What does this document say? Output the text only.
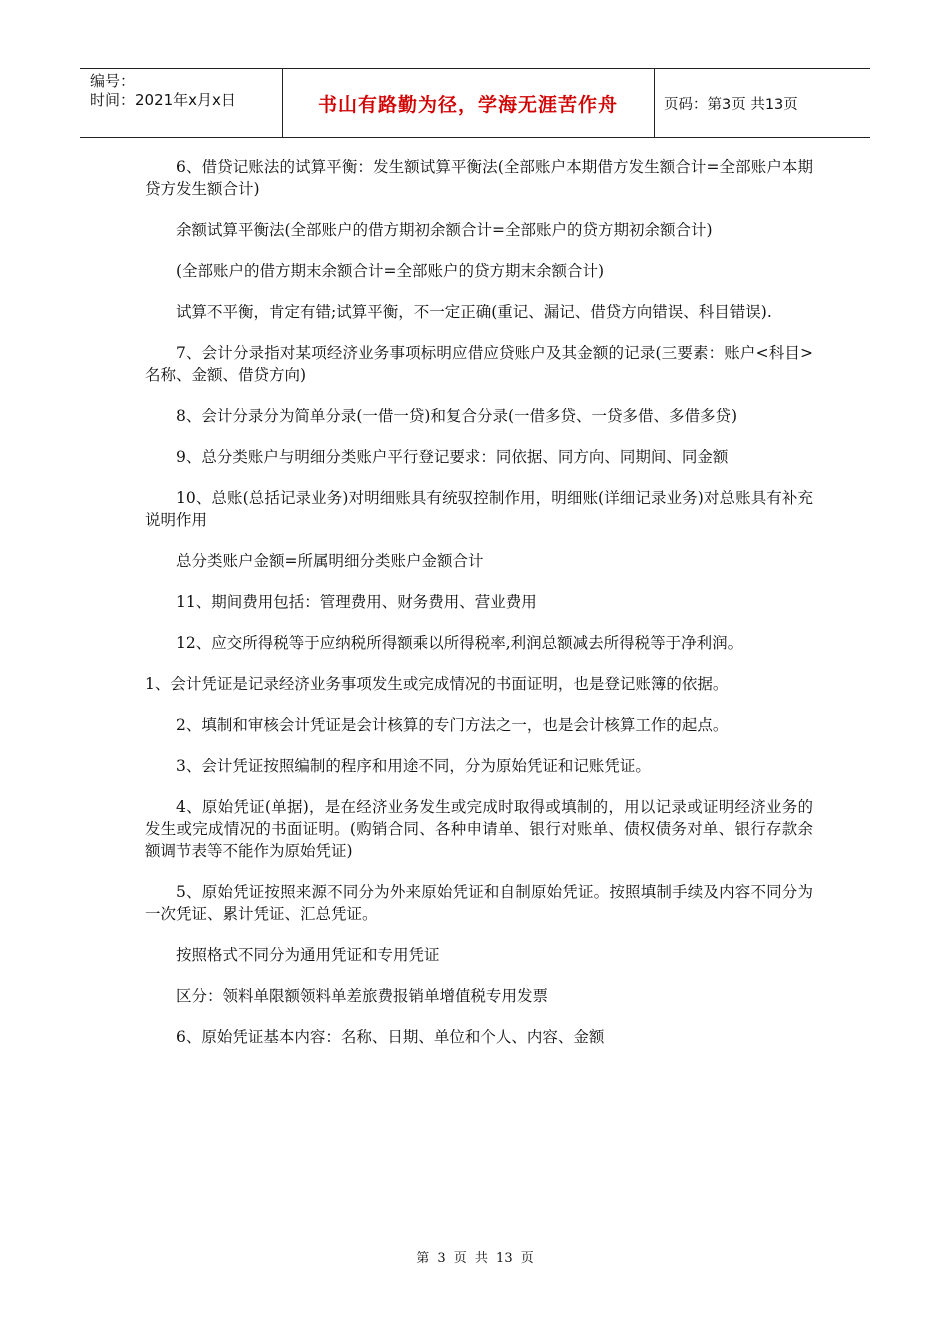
编号：
时间：2021年x月x日	书山有路勤为径，学海无涯苦作舟	页码：第3页 共13页

6、借贷记账法的试算平衡：发生额试算平衡法(全部账户本期借方发生额合计=全部账户本期贷方发生额合计)

余额试算平衡法(全部账户的借方期初余额合计=全部账户的贷方期初余额合计)

(全部账户的借方期末余额合计=全部账户的贷方期末余额合计)

试算不平衡，肯定有错;试算平衡，不一定正确(重记、漏记、借贷方向错误、科目错误).

7、会计分录指对某项经济业务事项标明应借应贷账户及其金额的记录(三要素：账户<科目>名称、金额、借贷方向)

8、会计分录分为简单分录(一借一贷)和复合分录(一借多贷、一贷多借、多借多贷)

9、总分类账户与明细分类账户平行登记要求：同依据、同方向、同期间、同金额

10、总账(总括记录业务)对明细账具有统驭控制作用，明细账(详细记录业务)对总账具有补充说明作用

总分类账户金额=所属明细分类账户金额合计

11、期间费用包括：管理费用、财务费用、营业费用

12、应交所得税等于应纳税所得额乘以所得税率,利润总额减去所得税等于净利润。

1、会计凭证是记录经济业务事项发生或完成情况的书面证明，也是登记账簿的依据。

2、填制和审核会计凭证是会计核算的专门方法之一，也是会计核算工作的起点。

3、会计凭证按照编制的程序和用途不同，分为原始凭证和记账凭证。

4、原始凭证(单据)，是在经济业务发生或完成时取得或填制的，用以记录或证明经济业务的发生或完成情况的书面证明。(购销合同、各种申请单、银行对账单、债权债务对单、银行存款余额调节表等不能作为原始凭证)

5、原始凭证按照来源不同分为外来原始凭证和自制原始凭证。按照填制手续及内容不同分为一次凭证、累计凭证、汇总凭证。

按照格式不同分为通用凭证和专用凭证

区分：领料单限额领料单差旅费报销单增值税专用发票

6、原始凭证基本内容：名称、日期、单位和个人、内容、金额

第 3 页 共 13 页
